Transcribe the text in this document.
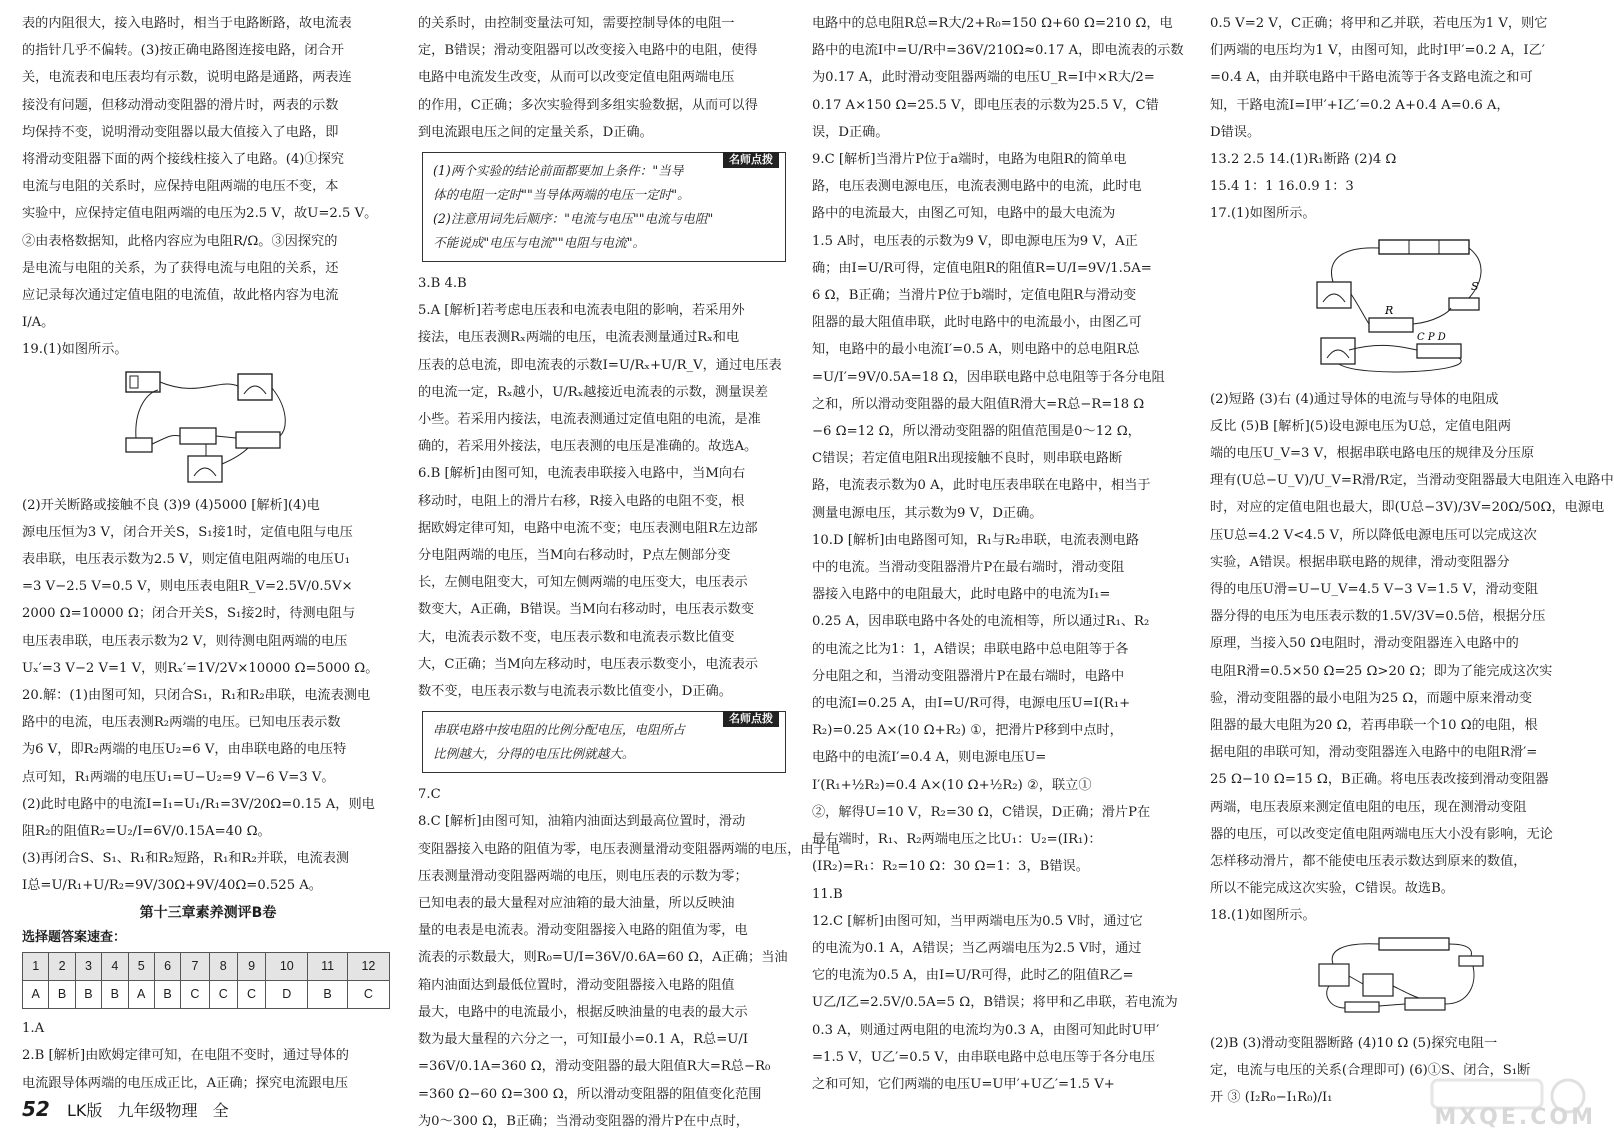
表的内阻很大，接入电路时，相当于电路断路，故电流表

的指针几乎不偏转。(3)按正确电路图连接电路，闭合开

关，电流表和电压表均有示数，说明电路是通路，两表连

接没有问题，但移动滑动变阻器的滑片时，两表的示数

均保持不变，说明滑动变阻器以最大值接入了电路，即

将滑动变阻器下面的两个接线柱接入了电路。(4)①探究

电流与电阻的关系时，应保持电阻两端的电压不变，本

实验中，应保持定值电阻两端的电压为2.5 V，故U=2.5 V。

②由表格数据知，此格内容应为电阻R/Ω。③因探究的

是电流与电阻的关系，为了获得电流与电阻的关系，还

应记录每次通过定值电阻的电流值，故此格内容为电流

I/A。

19.(1)如图所示。

(2)开关断路或接触不良 (3)9 (4)5000 [解析](4)电

源电压恒为3 V，闭合开关S，S₁接1时，定值电阻与电压

表串联，电压表示数为2.5 V，则定值电阻两端的电压U₁

=3 V−2.5 V=0.5 V，则电压表电阻R_V=2.5V/0.5V×

2000 Ω=10000 Ω；闭合开关S，S₁接2时，待测电阻与

电压表串联，电压表示数为2 V，则待测电阻两端的电压

Uₓ′=3 V−2 V=1 V，则Rₓ′=1V/2V×10000 Ω=5000 Ω。

20.解：(1)由图可知，只闭合S₁，R₁和R₂串联，电流表测电

路中的电流，电压表测R₂两端的电压。已知电压表示数

为6 V，即R₂两端的电压U₂=6 V，由串联电路的电压特

点可知，R₁两端的电压U₁=U−U₂=9 V−6 V=3 V。

(2)此时电路中的电流I=I₁=U₁/R₁=3V/20Ω=0.15 A，则电

阻R₂的阻值R₂=U₂/I=6V/0.15A=40 Ω。

(3)再闭合S、S₁、R₁和R₂短路，R₁和R₂并联，电流表测

I总=U/R₁+U/R₂=9V/30Ω+9V/40Ω=0.525 A。

第十三章素养测评B卷
选择题答案速查：
1	2	3	4	5	6	7	8	9	10	11	12
A	B	B	B	A	B	C	C	C	D	B	C

1.A

2.B [解析]由欧姆定律可知，在电阻不变时，通过导体的

电流跟导体两端的电压成正比，A正确；探究电流跟电压

的关系时，由控制变量法可知，需要控制导体的电阻一

定，B错误；滑动变阻器可以改变接入电路中的电阻，使得

电路中电流发生改变，从而可以改变定值电阻两端电压

的作用，C正确；多次实验得到多组实验数据，从而可以得

到电流跟电压之间的定量关系，D正确。

名师点拨

(1)两个实验的结论前面都要加上条件："当导

体的电阻一定时""当导体两端的电压一定时"。

(2)注意用词先后顺序："电流与电压""电流与电阻"

不能说成"电压与电流""电阻与电流"。

3.B 4.B

5.A [解析]若考虑电压表和电流表电阻的影响，若采用外

接法，电压表测Rₓ两端的电压，电流表测量通过Rₓ和电

压表的总电流，即电流表的示数I=U/Rₓ+U/R_V，通过电压表

的电流一定，Rₓ越小，U/Rₓ越接近电流表的示数，测量误差

小些。若采用内接法，电流表测通过定值电阻的电流，是准

确的，若采用外接法，电压表测的电压是准确的。故选A。

6.B [解析]由图可知，电流表串联接入电路中，当M向右

移动时，电阻上的滑片右移，R接入电路的电阻不变，根

据欧姆定律可知，电路中电流不变；电压表测电阻R左边部

分电阻两端的电压，当M向右移动时，P点左侧部分变

长，左侧电阻变大，可知左侧两端的电压变大，电压表示

数变大，A正确，B错误。当M向右移动时，电压表示数变

大，电流表示数不变，电压表示数和电流表示数比值变

大，C正确；当M向左移动时，电压表示数变小，电流表示

数不变，电压表示数与电流表示数比值变小，D正确。

名师点拨

串联电路中按电阻的比例分配电压，电阻所占

比例越大，分得的电压比例就越大。

7.C

8.C [解析]由图可知，油箱内油面达到最高位置时，滑动

变阻器接入电路的阻值为零，电压表测量滑动变阻器两端的电压，由于电

压表测量滑动变阻器两端的电压，则电压表的示数为零；

已知电表的最大量程对应油箱的最大油量，所以反映油

量的电表是电流表。滑动变阻器接入电路的阻值为零，电

流表的示数最大，则R₀=U/I=36V/0.6A=60 Ω，A正确；当油

箱内油面达到最低位置时，滑动变阻器接入电路的阻值

最大，电路中的电流最小，根据反映油量的电表的最大示

数为最大量程的六分之一，可知I最小=0.1 A，R总=U/I

=36V/0.1A=360 Ω，滑动变阻器的最大阻值R大=R总−R₀

=360 Ω−60 Ω=300 Ω，所以滑动变阻器的阻值变化范围

为0～300 Ω，B正确；当滑动变阻器的滑片P在中点时，

电路中的总电阻R总=R大/2+R₀=150 Ω+60 Ω=210 Ω，电

路中的电流I中=U/R中=36V/210Ω≈0.17 A，即电流表的示数

为0.17 A，此时滑动变阻器两端的电压U_R=I中×R大/2=

0.17 A×150 Ω=25.5 V，即电压表的示数为25.5 V，C错

误，D正确。

9.C [解析]当滑片P位于a端时，电路为电阻R的简单电

路，电压表测电源电压，电流表测电路中的电流，此时电

路中的电流最大，由图乙可知，电路中的最大电流为

1.5 A时，电压表的示数为9 V，即电源电压为9 V，A正

确；由I=U/R可得，定值电阻R的阻值R=U/I=9V/1.5A=

6 Ω，B正确；当滑片P位于b端时，定值电阻R与滑动变

阻器的最大阻值串联，此时电路中的电流最小，由图乙可

知，电路中的最小电流I′=0.5 A，则电路中的总电阻R总

=U/I′=9V/0.5A=18 Ω，因串联电路中总电阻等于各分电阻

之和，所以滑动变阻器的最大阻值R滑大=R总−R=18 Ω

−6 Ω=12 Ω，所以滑动变阻器的阻值范围是0～12 Ω，

C错误；若定值电阻R出现接触不良时，则串联电路断

路，电流表示数为0 A，此时电压表串联在电路中，相当于

测量电源电压，其示数为9 V，D正确。

10.D [解析]由电路图可知，R₁与R₂串联，电流表测电路

中的电流。当滑动变阻器滑片P在最右端时，滑动变阻

器接入电路中的电阻最大，此时电路中的电流为I₁=

0.25 A，因串联电路中各处的电流相等，所以通过R₁、R₂

的电流之比为1：1，A错误；串联电路中总电阻等于各

分电阻之和，当滑动变阻器滑片P在最右端时，电路中

的电流I=0.25 A，由I=U/R可得，电源电压U=I(R₁+

R₂)=0.25 A×(10 Ω+R₂) ①，把滑片P移到中点时，

电路中的电流I′=0.4 A，则电源电压U=

I′(R₁+½R₂)=0.4 A×(10 Ω+½R₂) ②，联立①

②，解得U=10 V，R₂=30 Ω，C错误，D正确；滑片P在

最右端时，R₁、R₂两端电压之比U₁：U₂=(IR₁)：

(IR₂)=R₁：R₂=10 Ω：30 Ω=1：3，B错误。

11.B

12.C [解析]由图可知，当甲两端电压为0.5 V时，通过它

的电流为0.1 A，A错误；当乙两端电压为2.5 V时，通过

它的电流为0.5 A，由I=U/R可得，此时乙的阻值R乙=

U乙/I乙=2.5V/0.5A=5 Ω，B错误；将甲和乙串联，若电流为

0.3 A，则通过两电阻的电流均为0.3 A，由图可知此时U甲′

=1.5 V，U乙′=0.5 V，由串联电路中总电压等于各分电压

之和可知，它们两端的电压U=U甲′+U乙′=1.5 V+

0.5 V=2 V，C正确；将甲和乙并联，若电压为1 V，则它

们两端的电压均为1 V，由图可知，此时I甲′=0.2 A，I乙′

=0.4 A，由并联电路中干路电流等于各支路电流之和可

知，干路电流I=I甲′+I乙′=0.2 A+0.4 A=0.6 A，

D错误。

13.2 2.5 14.(1)R₁断路 (2)4 Ω

15.4 1：1 16.0.9 1：3

17.(1)如图所示。

R
C P D
S

(2)短路 (3)右 (4)通过导体的电流与导体的电阻成

反比 (5)B [解析](5)设电源电压为U总，定值电阻两

端的电压U_V=3 V，根据串联电路电压的规律及分压原

理有(U总−U_V)/U_V=R滑/R定，当滑动变阻器最大电阻连入电路中

时，对应的定值电阻也最大，即(U总−3V)/3V=20Ω/50Ω，电源电

压U总=4.2 V<4.5 V，所以降低电源电压可以完成这次

实验，A错误。根据串联电路的规律，滑动变阻器分

得的电压U滑=U−U_V=4.5 V−3 V=1.5 V，滑动变阻

器分得的电压为电压表示数的1.5V/3V=0.5倍，根据分压

原理，当接入50 Ω电阻时，滑动变阻器连入电路中的

电阻R滑=0.5×50 Ω=25 Ω>20 Ω；即为了能完成这次实

验，滑动变阻器的最小电阻为25 Ω，而题中原来滑动变

阻器的最大电阻为20 Ω，若再串联一个10 Ω的电阻，根

据电阻的串联可知，滑动变阻器连入电路中的电阻R滑′=

25 Ω−10 Ω=15 Ω，B正确。将电压表改接到滑动变阻器

两端，电压表原来测定值电阻的电压，现在测滑动变阻

器的电压，可以改变定值电阻两端电压大小没有影响，无论

怎样移动滑片，都不能使电压表示数达到原来的数值，

所以不能完成这次实验，C错误。故选B。

18.(1)如图所示。

(2)B (3)滑动变阻器断路 (4)10 Ω (5)探究电阻一

定，电流与电压的关系(合理即可) (6)①S、闭合，S₁断

开 ③ (I₂R₀−I₁R₀)/I₁

52 LK版 九年级物理 全	MXQE.COM
